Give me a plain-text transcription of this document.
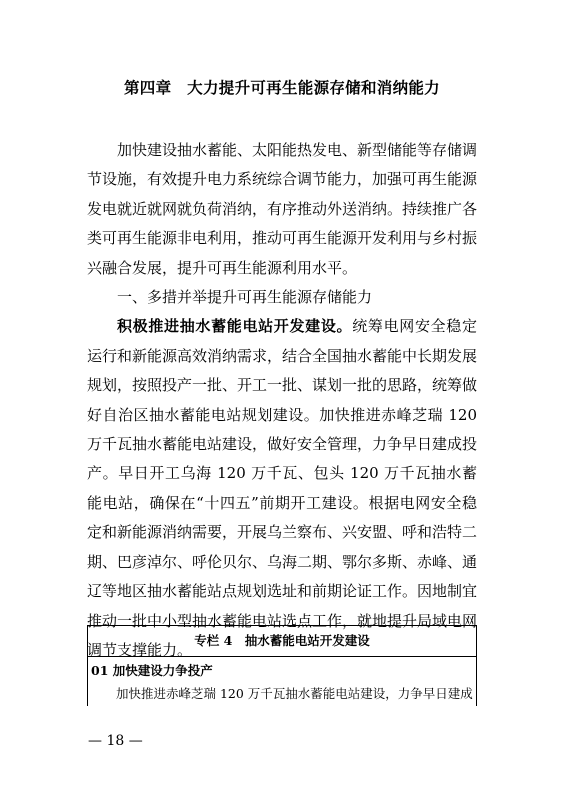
第四章　大力提升可再生能源存储和消纳能力

加快建设抽水蓄能、太阳能热发电、新型储能等存储调节设施，有效提升电力系统综合调节能力，加强可再生能源发电就近就网就负荷消纳，有序推动外送消纳。持续推广各类可再生能源非电利用，推动可再生能源开发利用与乡村振兴融合发展，提升可再生能源利用水平。

一、多措并举提升可再生能源存储能力

积极推进抽水蓄能电站开发建设。统筹电网安全稳定运行和新能源高效消纳需求，结合全国抽水蓄能中长期发展规划，按照投产一批、开工一批、谋划一批的思路，统筹做好自治区抽水蓄能电站规划建设。加快推进赤峰芝瑞 120 万千瓦抽水蓄能电站建设，做好安全管理，力争早日建成投产。早日开工乌海 120 万千瓦、包头 120 万千瓦抽水蓄能电站，确保在“十四五”前期开工建设。根据电网安全稳定和新能源消纳需要，开展乌兰察布、兴安盟、呼和浩特二期、巴彦淖尔、呼伦贝尔、乌海二期、鄂尔多斯、赤峰、通辽等地区抽水蓄能站点规划选址和前期论证工作。因地制宜推动一批中小型抽水蓄能电站选点工作，就地提升局域电网调节支撑能力。

专栏 4　抽水蓄能电站开发建设
01 加快建设力争投产
加快推进赤峰芝瑞 120 万千瓦抽水蓄能电站建设，力争早日建成
— 18 —
